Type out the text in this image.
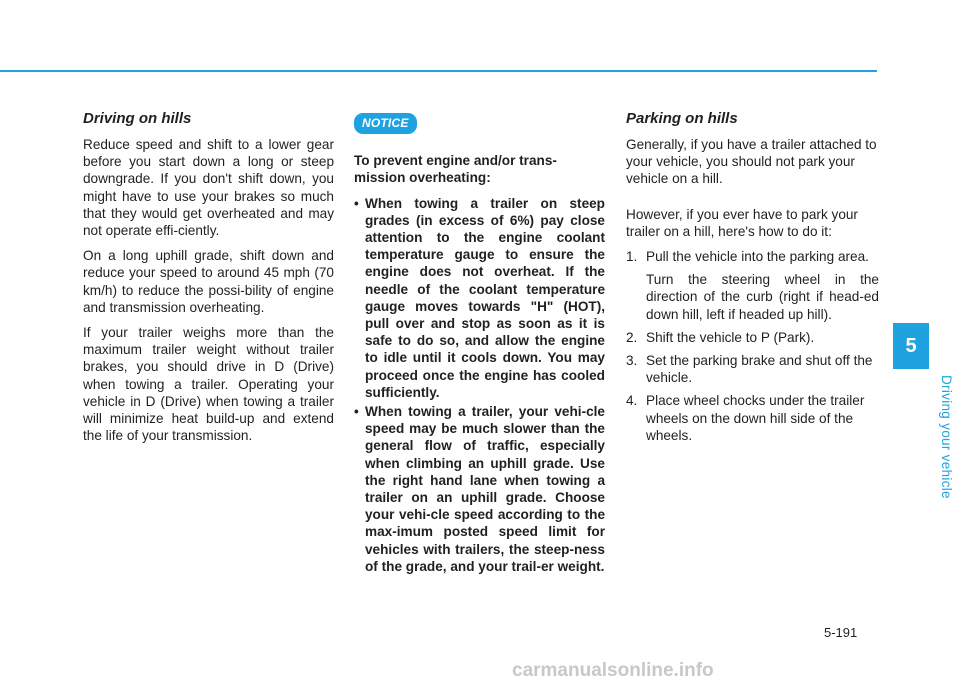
Driving on hills

Reduce speed and shift to a lower gear before you start down a long or steep downgrade. If you don't shift down, you might have to use your brakes so much that they would get overheated and may not operate effi-ciently.

On a long uphill grade, shift down and reduce your speed to around 45 mph (70 km/h) to reduce the possi-bility of engine and transmission overheating.

If your trailer weighs more than the maximum trailer weight without trailer brakes, you should drive in D (Drive) when towing a trailer. Operating your vehicle in D (Drive) when towing a trailer will minimize heat build-up and extend the life of your transmission.

NOTICE

To prevent engine and/or trans-mission overheating:

• When towing a trailer on steep grades (in excess of 6%) pay close attention to the engine coolant temperature gauge to ensure the engine does not overheat. If the needle of the coolant temperature gauge moves towards "H" (HOT), pull over and stop as soon as it is safe to do so, and allow the engine to idle until it cools down. You may proceed once the engine has cooled sufficiently.
• When towing a trailer, your vehi-cle speed may be much slower than the general flow of traffic, especially when climbing an uphill grade. Use the right hand lane when towing a trailer on an uphill grade. Choose your vehi-cle speed according to the max-imum posted speed limit for vehicles with trailers, the steep-ness of the grade, and your trail-er weight.
Parking on hills

Generally, if you have a trailer attached to your vehicle, you should not park your vehicle on a hill.

However, if you ever have to park your trailer on a hill, here's how to do it:

1. Pull the vehicle into the parking area.
Turn the steering wheel in the direction of the curb (right if head-ed down hill, left if headed up hill).
2. Shift the vehicle to P (Park).
3. Set the parking brake and shut off the vehicle.
4. Place wheel chocks under the trailer wheels on the down hill side of the wheels.
5
Driving your vehicle
5-191
carmanualsonline.info
